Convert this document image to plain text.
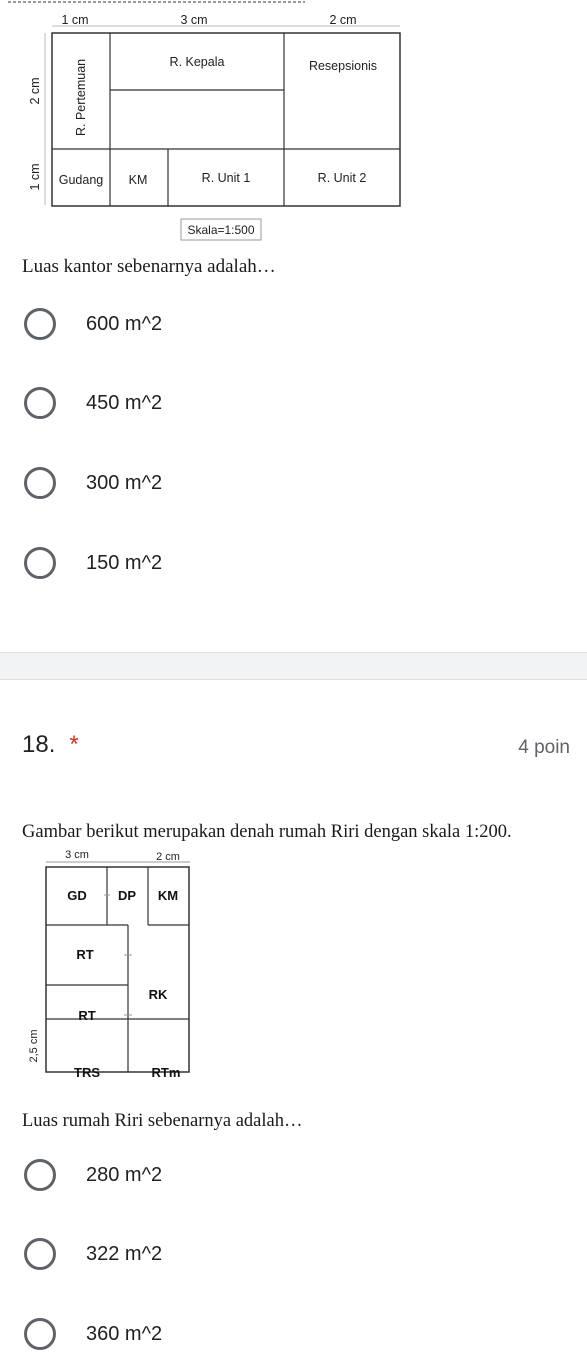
R. Kepala	Resepsionis
R. Pertemuan
Gudang KM	R. Unit 1	R. Unit 2
2 cm
1 cm
1 cm	3 cm	2 cm
Skala=1:500
Luas kantor sebenarnya adalah…
600 m^2
450 m^2
300 m^2
150 m^2
18. *	4 poin
Gambar berikut merupakan denah rumah Riri dengan skala 1:200.
GD DP KM
RT
RK
RT
TRS	RTm
3 cm	2 cm
2,5 cm
Luas rumah Riri sebenarnya adalah…
280 m^2
322 m^2
360 m^2
